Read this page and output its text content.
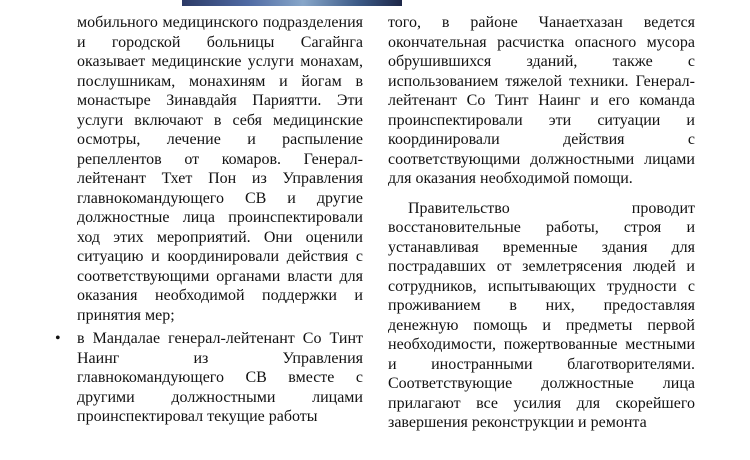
мобильного медицинского подразделения и городской больницы Сагайнга оказывает медицинские услуги монахам, послушникам, монахиням и йогам в монастыре Зинавдайя Париятти. Эти услуги включают в себя медицинские осмотры, лечение и распыление репеллентов от комаров. Генерал-лейтенант Тхет Пон из Управления главнокомандующего СВ и другие должностные лица проинспектировали ход этих мероприятий. Они оценили ситуацию и координировали действия с соответствующими органами власти для оказания необходимой поддержки и принятия мер;

• в Мандалае генерал-лейтенант Со Тинт Наинг из Управления главнокомандующего СВ вместе с другими должностными лицами проинспектировал текущие работы

того, в районе Чанаетхазан ведется окончательная расчистка опасного мусора обрушившихся зданий, также с использованием тяжелой техники. Генерал-лейтенант Со Тинт Наинг и его команда проинспектировали эти ситуации и координировали действия с соответствующими должностными лицами для оказания необходимой помощи.

Правительство проводит восстановительные работы, строя и устанавливая временные здания для пострадавших от землетрясения людей и сотрудников, испытывающих трудности с проживанием в них, предоставляя денежную помощь и предметы первой необходимости, пожертвованные местными и иностранными благотворителями. Соответствующие должностные лица прилагают все усилия для скорейшего завершения реконструкции и ремонта
